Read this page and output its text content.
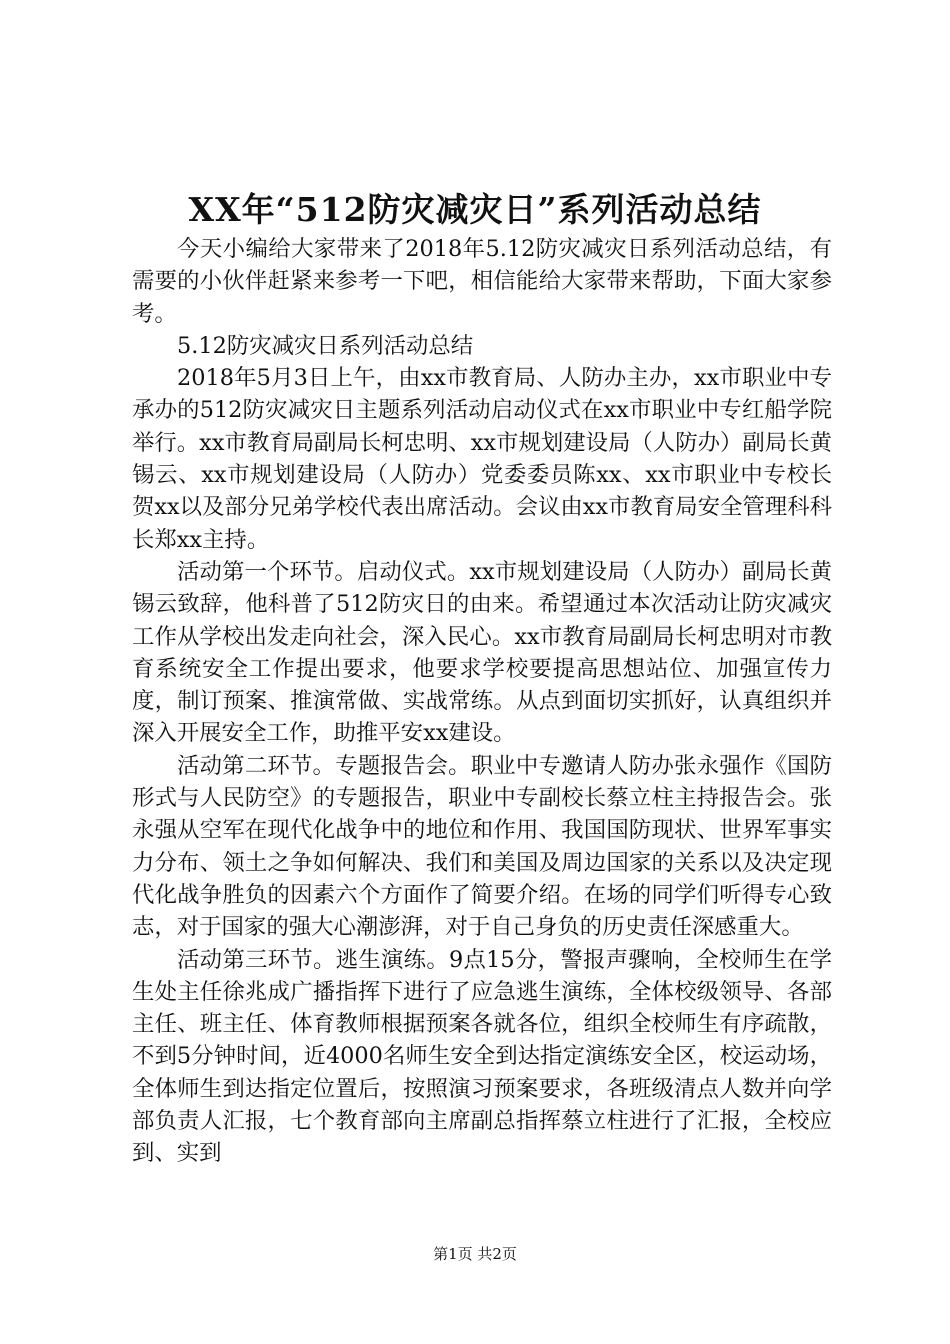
XX年“512防灾减灾日”系列活动总结

今天小编给大家带来了2018年5.12防灾减灾日系列活动总结，有需要的小伙伴赶紧来参考一下吧，相信能给大家带来帮助，下面大家参考。

5.12防灾减灾日系列活动总结

2018年5月3日上午，由xx市教育局、人防办主办，xx市职业中专承办的512防灾减灾日主题系列活动启动仪式在xx市职业中专红船学院举行。xx市教育局副局长柯忠明、xx市规划建设局（人防办）副局长黄锡云、xx市规划建设局（人防办）党委委员陈xx、xx市职业中专校长贺xx以及部分兄弟学校代表出席活动。会议由xx市教育局安全管理科科长郑xx主持。

活动第一个环节。启动仪式。xx市规划建设局（人防办）副局长黄锡云致辞，他科普了512防灾日的由来。希望通过本次活动让防灾减灾工作从学校出发走向社会，深入民心。xx市教育局副局长柯忠明对市教育系统安全工作提出要求，他要求学校要提高思想站位、加强宣传力度，制订预案、推演常做、实战常练。从点到面切实抓好，认真组织并深入开展安全工作，助推平安xx建设。

活动第二环节。专题报告会。职业中专邀请人防办张永强作《国防形式与人民防空》的专题报告，职业中专副校长蔡立柱主持报告会。张永强从空军在现代化战争中的地位和作用、我国国防现状、世界军事实力分布、领土之争如何解决、我们和美国及周边国家的关系以及决定现代化战争胜负的因素六个方面作了简要介绍。在场的同学们听得专心致志，对于国家的强大心潮澎湃，对于自己身负的历史责任深感重大。

活动第三环节。逃生演练。9点15分，警报声骤响，全校师生在学生处主任徐兆成广播指挥下进行了应急逃生演练，全体校级领导、各部主任、班主任、体育教师根据预案各就各位，组织全校师生有序疏散，不到5分钟时间，近4000名师生安全到达指定演练安全区，校运动场，全体师生到达指定位置后，按照演习预案要求，各班级清点人数并向学部负责人汇报，七个教育部向主席副总指挥蔡立柱进行了汇报，全校应到、实到

第1页 共2页
